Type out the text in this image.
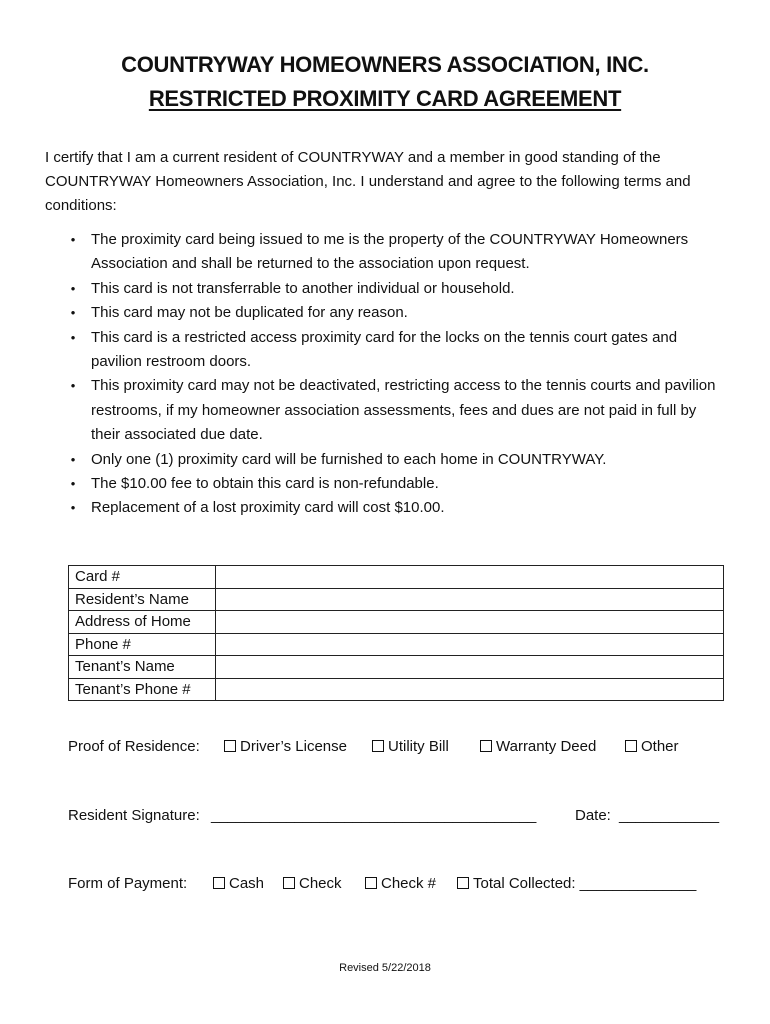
COUNTRYWAY HOMEOWNERS ASSOCIATION, INC.
RESTRICTED PROXIMITY CARD AGREEMENT
I certify that I am a current resident of COUNTRYWAY and a member in good standing of the COUNTRYWAY Homeowners Association, Inc. I understand and agree to the following terms and conditions:
• The proximity card being issued to me is the property of the COUNTRYWAY Homeowners Association and shall be returned to the association upon request.
• This card is not transferrable to another individual or household.
• This card may not be duplicated for any reason.
• This card is a restricted access proximity card for the locks on the tennis court gates and pavilion restroom doors.
• This proximity card may not be deactivated, restricting access to the tennis courts and pavilion restrooms, if my homeowner association assessments, fees and dues are not paid in full by their associated due date.
• Only one (1) proximity card will be furnished to each home in COUNTRYWAY.
• The $10.00 fee to obtain this card is non-refundable.
• Replacement of a lost proximity card will cost $10.00.
Card #	
Resident’s Name	
Address of Home	
Phone #	
Tenant’s Name	
Tenant’s Phone #	
Proof of Residence:	Driver’s License	Utility Bill	Warranty Deed	Other
Resident Signature: _______________________________________	Date: ____________
Form of Payment:	Cash	Check	Check #	Total Collected: ______________
Revised 5/22/2018
